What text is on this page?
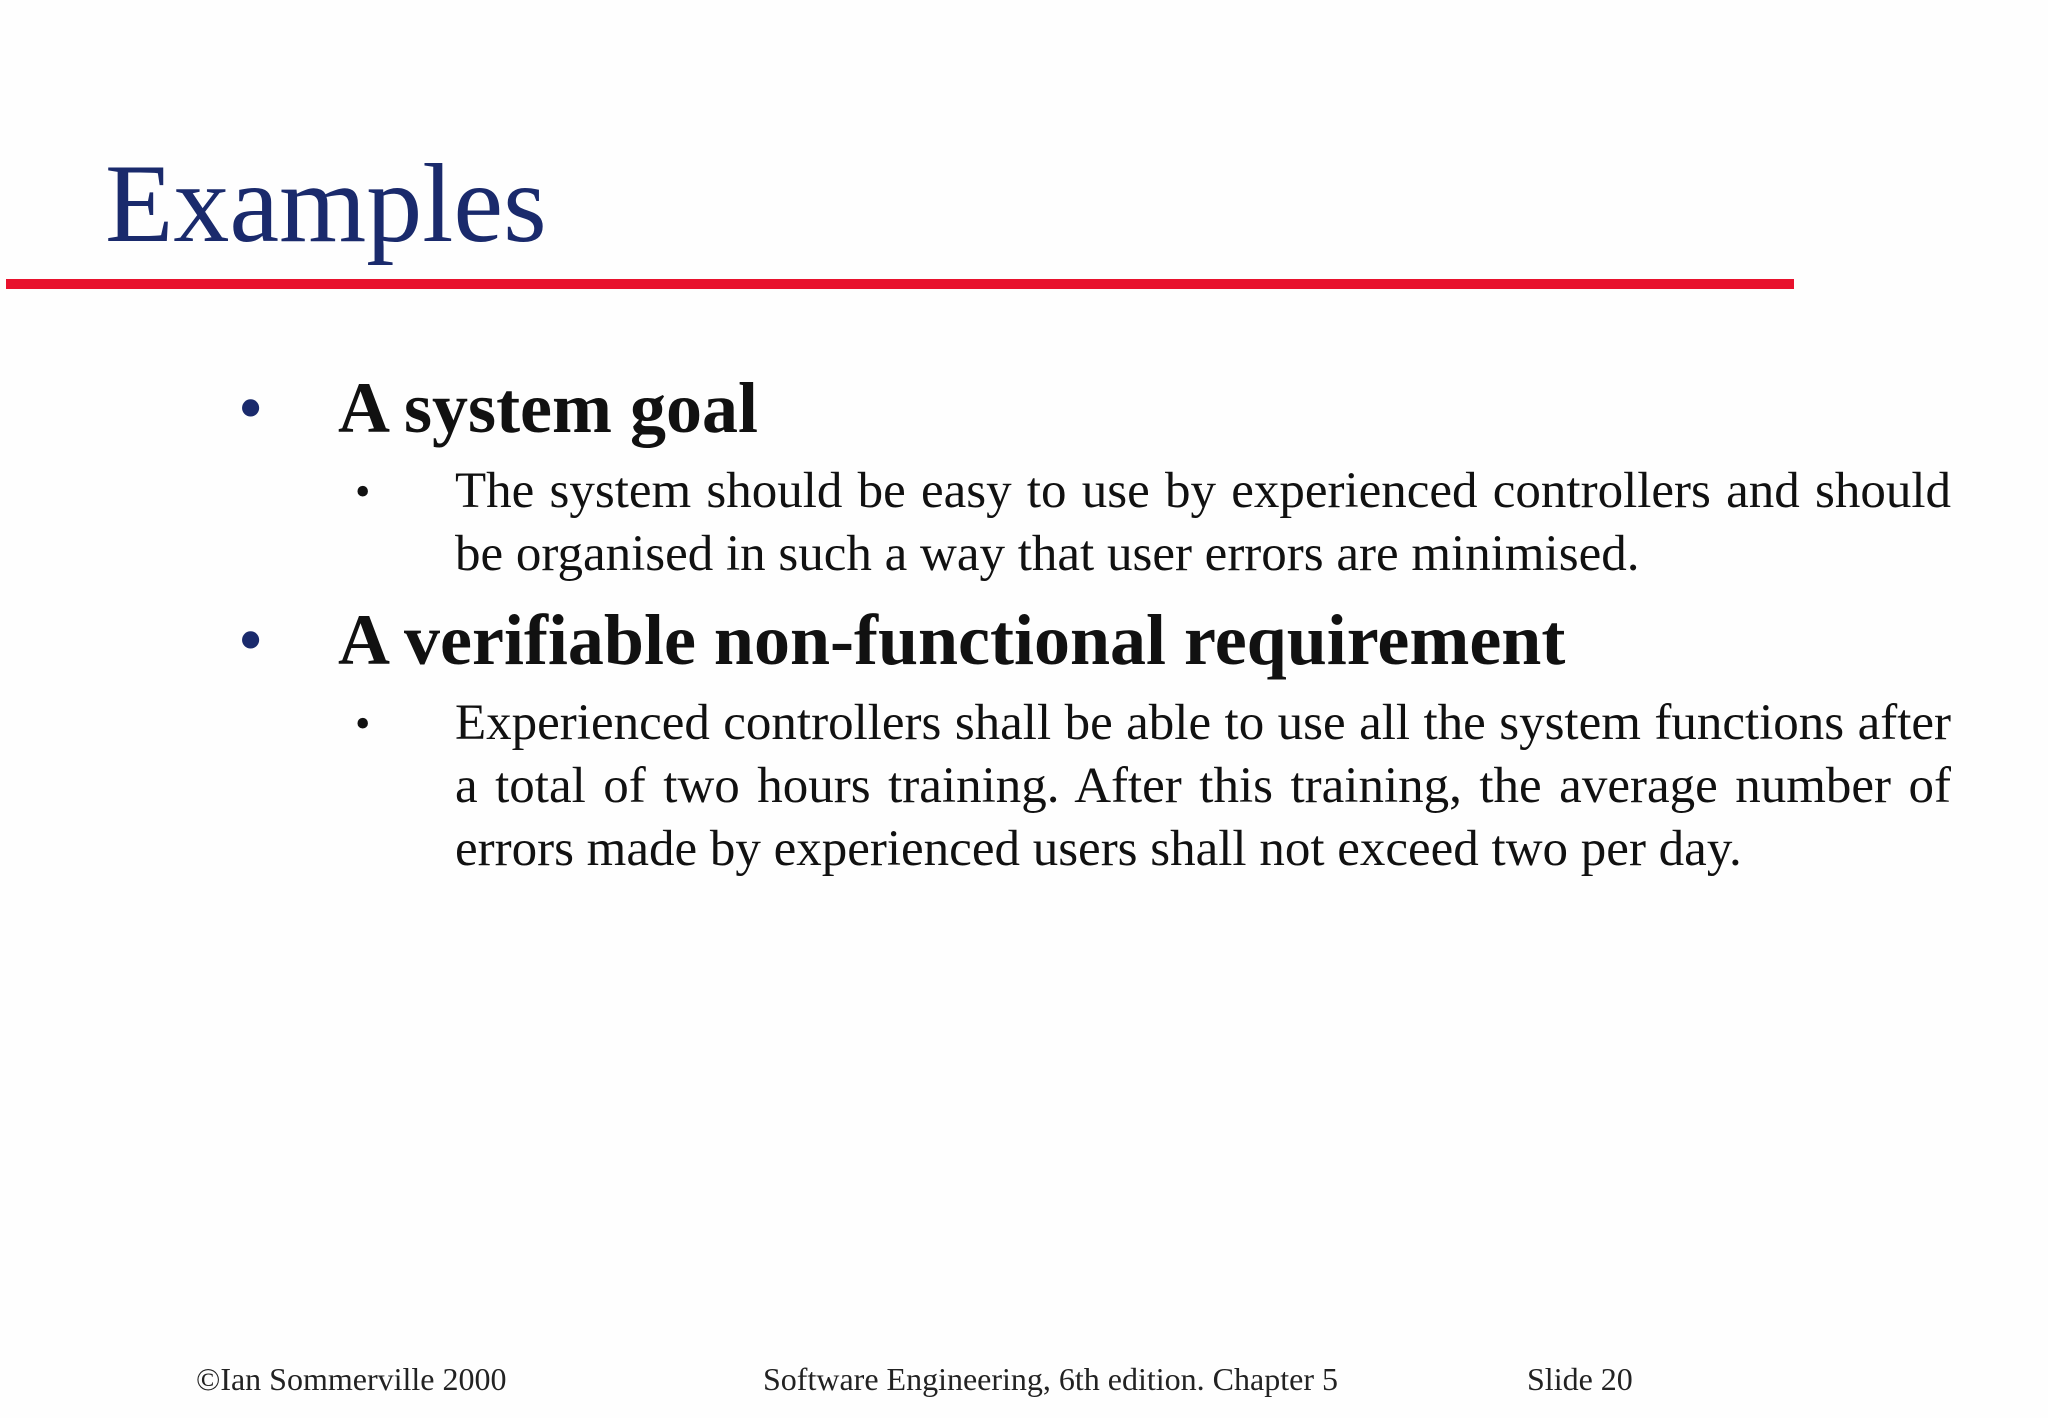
Examples
• A system goal
• The system should be easy to use by experienced controllers and should be organised in such a way that user errors are minimised.
• A verifiable non-functional requirement
• Experienced controllers shall be able to use all the system functions after a total of two hours training. After this training, the average number of errors made by experienced users shall not exceed two per day.
©Ian Sommerville 2000	Software Engineering, 6th edition. Chapter 5	Slide 20
